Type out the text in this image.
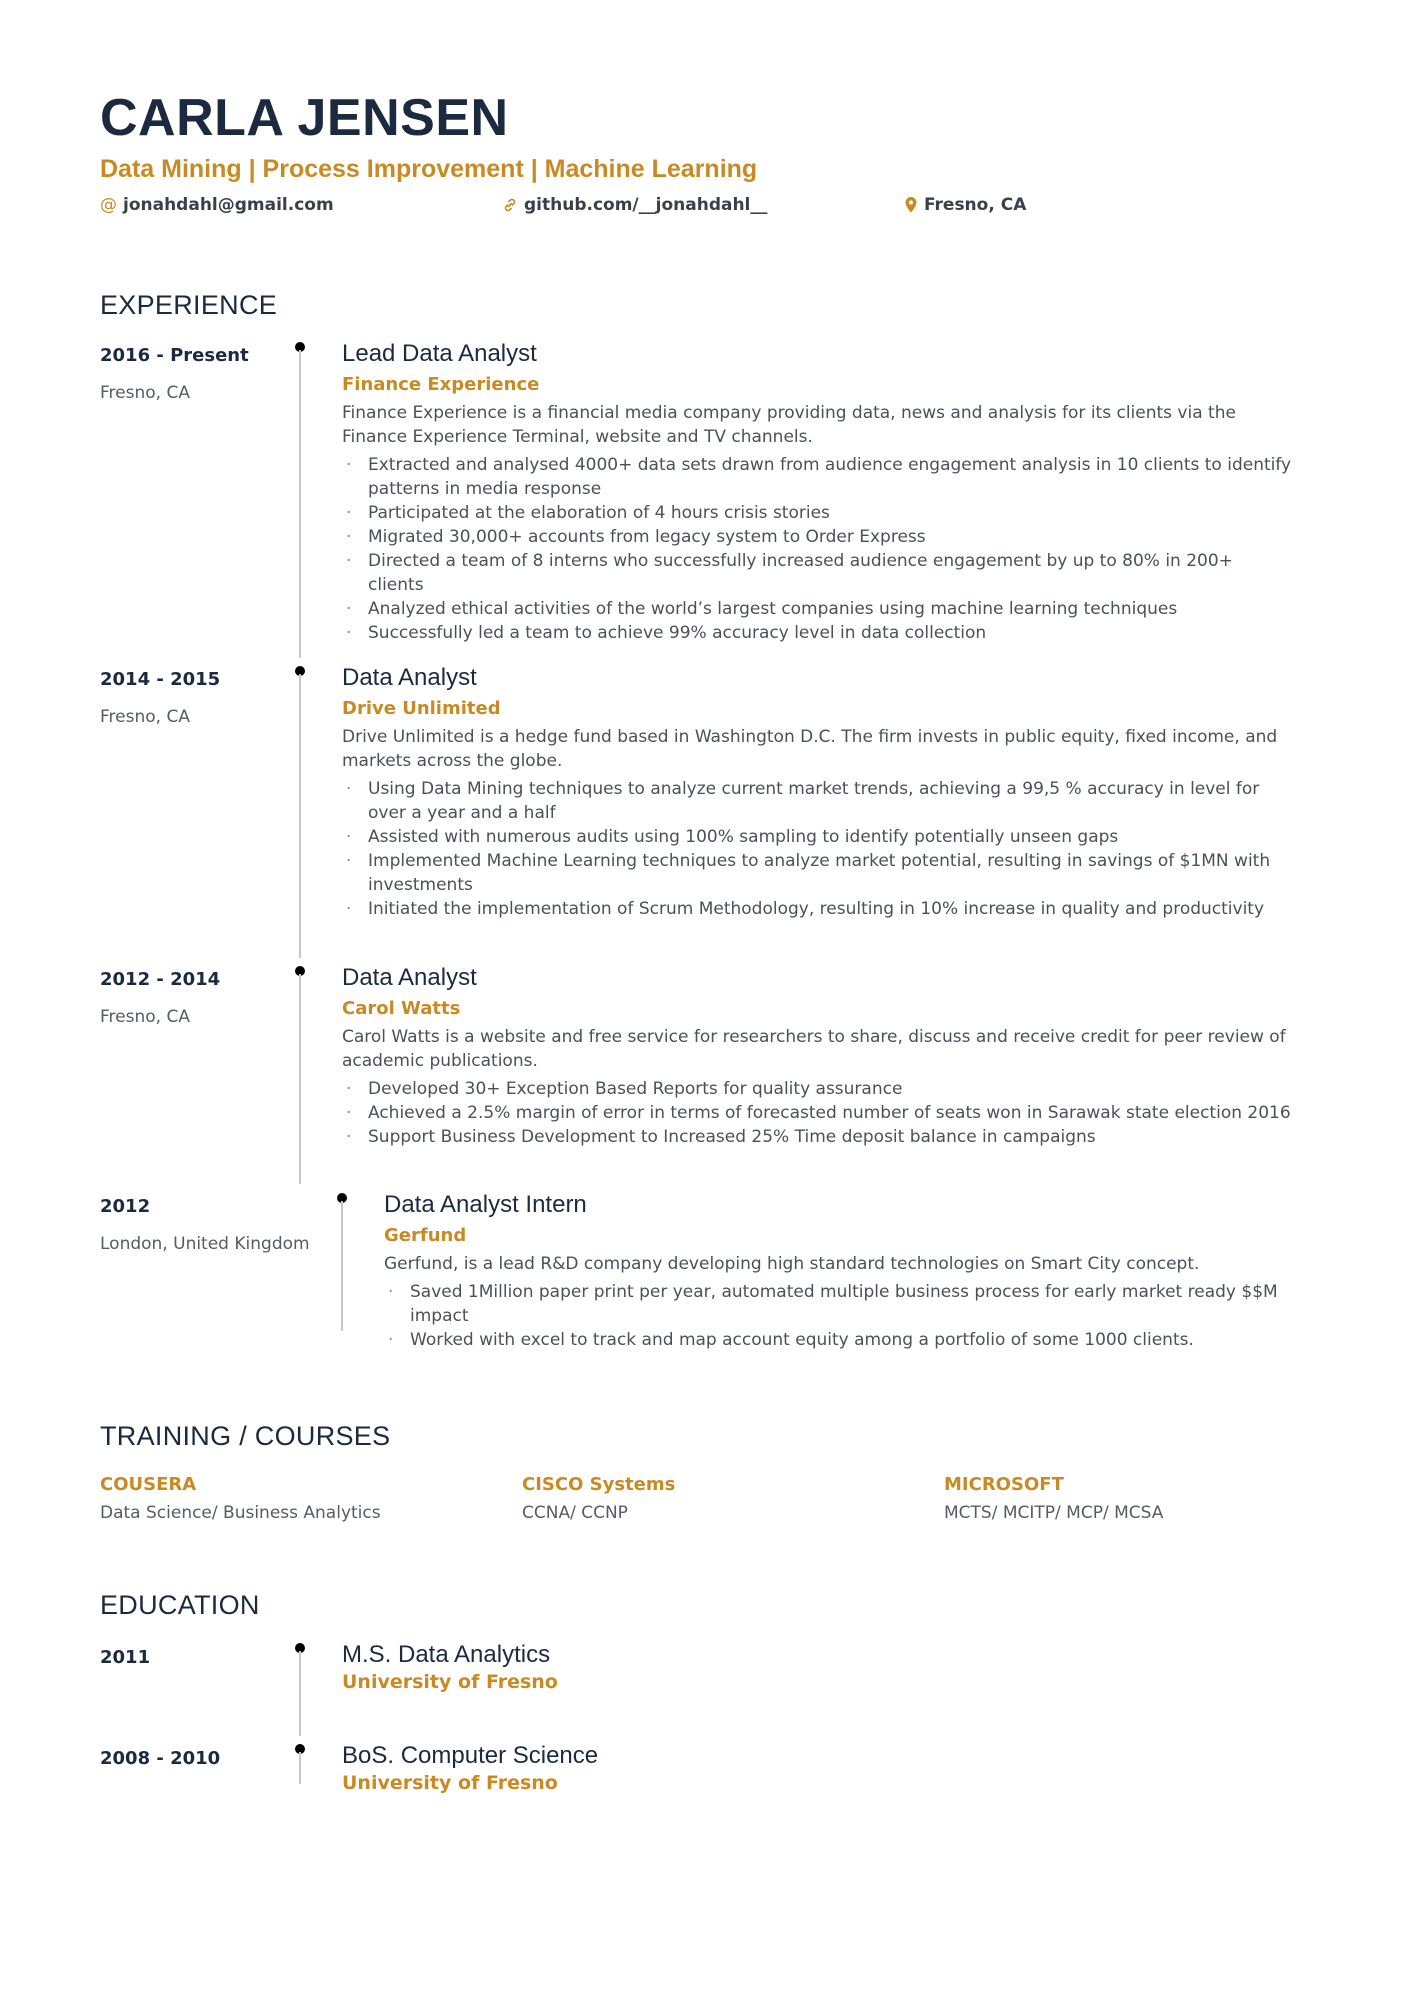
CARLA JENSEN
Data Mining | Process Improvement | Machine Learning
@ jonahdahl@gmail.com	github.com/__jonahdahl__	Fresno, CA
EXPERIENCE
2016 - Present
Fresno, CA
Lead Data Analyst
Finance Experience
Finance Experience is a financial media company providing data, news and analysis for its clients via the Finance Experience Terminal, website and TV channels.
· Extracted and analysed 4000+ data sets drawn from audience engagement analysis in 10 clients to identify patterns in media response
· Participated at the elaboration of 4 hours crisis stories
· Migrated 30,000+ accounts from legacy system to Order Express
· Directed a team of 8 interns who successfully increased audience engagement by up to 80% in 200+ clients
· Analyzed ethical activities of the world’s largest companies using machine learning techniques
· Successfully led a team to achieve 99% accuracy level in data collection
2014 - 2015
Fresno, CA
Data Analyst
Drive Unlimited
Drive Unlimited is a hedge fund based in Washington D.C. The firm invests in public equity, fixed income, and markets across the globe.
· Using Data Mining techniques to analyze current market trends, achieving a 99,5 % accuracy in level for over a year and a half
· Assisted with numerous audits using 100% sampling to identify potentially unseen gaps
· Implemented Machine Learning techniques to analyze market potential, resulting in savings of $1MN with investments
· Initiated the implementation of Scrum Methodology, resulting in 10% increase in quality and productivity
2012 - 2014
Fresno, CA
Data Analyst
Carol Watts
Carol Watts is a website and free service for researchers to share, discuss and receive credit for peer review of academic publications.
· Developed 30+ Exception Based Reports for quality assurance
· Achieved a 2.5% margin of error in terms of forecasted number of seats won in Sarawak state election 2016
· Support Business Development to Increased 25% Time deposit balance in campaigns
2012
London, United Kingdom
Data Analyst Intern
Gerfund
Gerfund, is a lead R&D company developing high standard technologies on Smart City concept.
· Saved 1Million paper print per year, automated multiple business process for early market ready $$M impact
· Worked with excel to track and map account equity among a portfolio of some 1000 clients.
TRAINING / COURSES
COUSERA
Data Science/ Business Analytics
CISCO Systems
CCNA/ CCNP
MICROSOFT
MCTS/ MCITP/ MCP/ MCSA
EDUCATION
2011	M.S. Data Analytics
University of Fresno
2008 - 2010	BoS. Computer Science
University of Fresno
